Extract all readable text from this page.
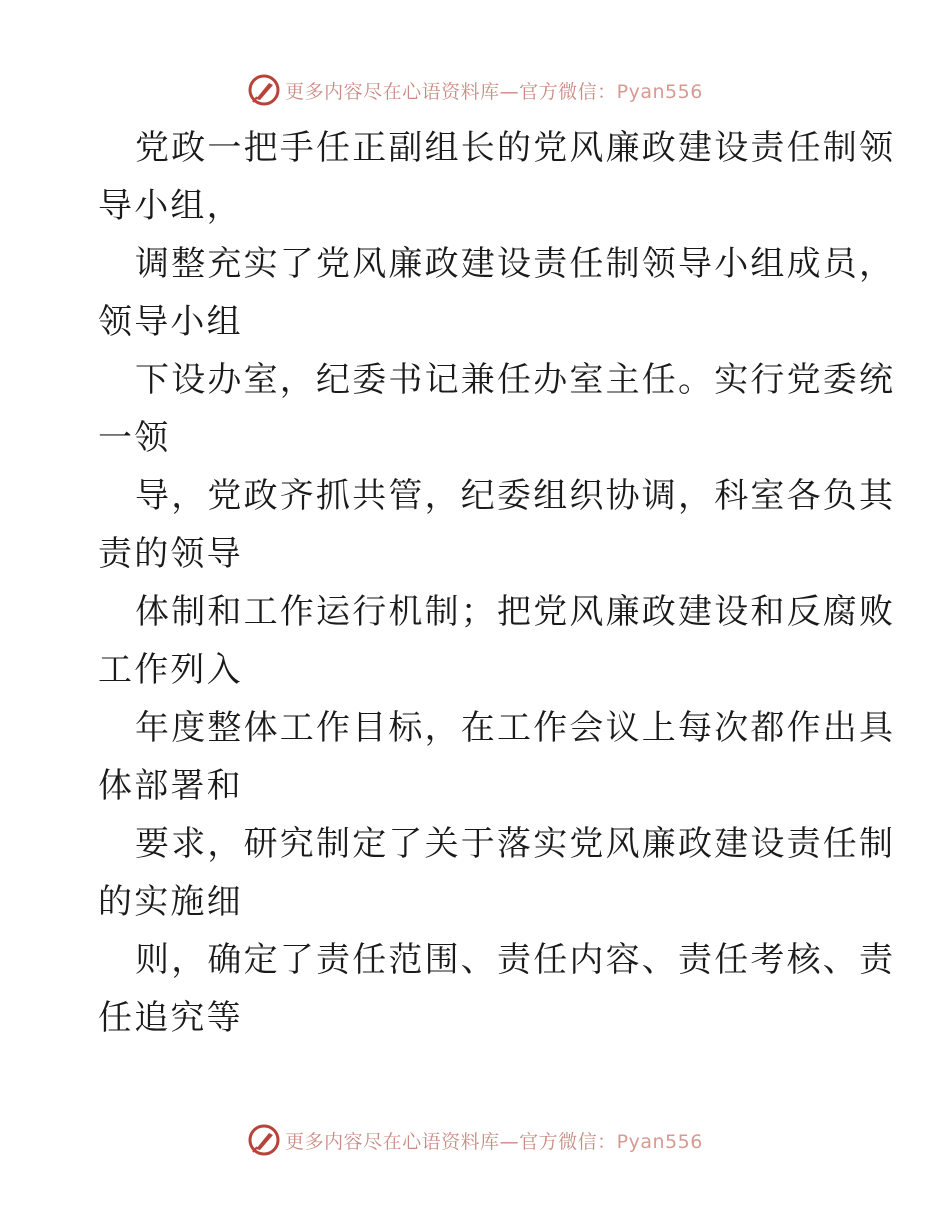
更多内容尽在心语资料库—官方微信：Pyan556
党政一把手任正副组长的党风廉政建设责任制领
导小组，
调整充实了党风廉政建设责任制领导小组成员，
领导小组
下设办室，纪委书记兼任办室主任。实行党委统
一领
导，党政齐抓共管，纪委组织协调，科室各负其
责的领导
体制和工作运行机制；把党风廉政建设和反腐败
工作列入
年度整体工作目标，在工作会议上每次都作出具
体部署和
要求，研究制定了关于落实党风廉政建设责任制
的实施细
则，确定了责任范围、责任内容、责任考核、责
任追究等
更多内容尽在心语资料库—官方微信：Pyan556
